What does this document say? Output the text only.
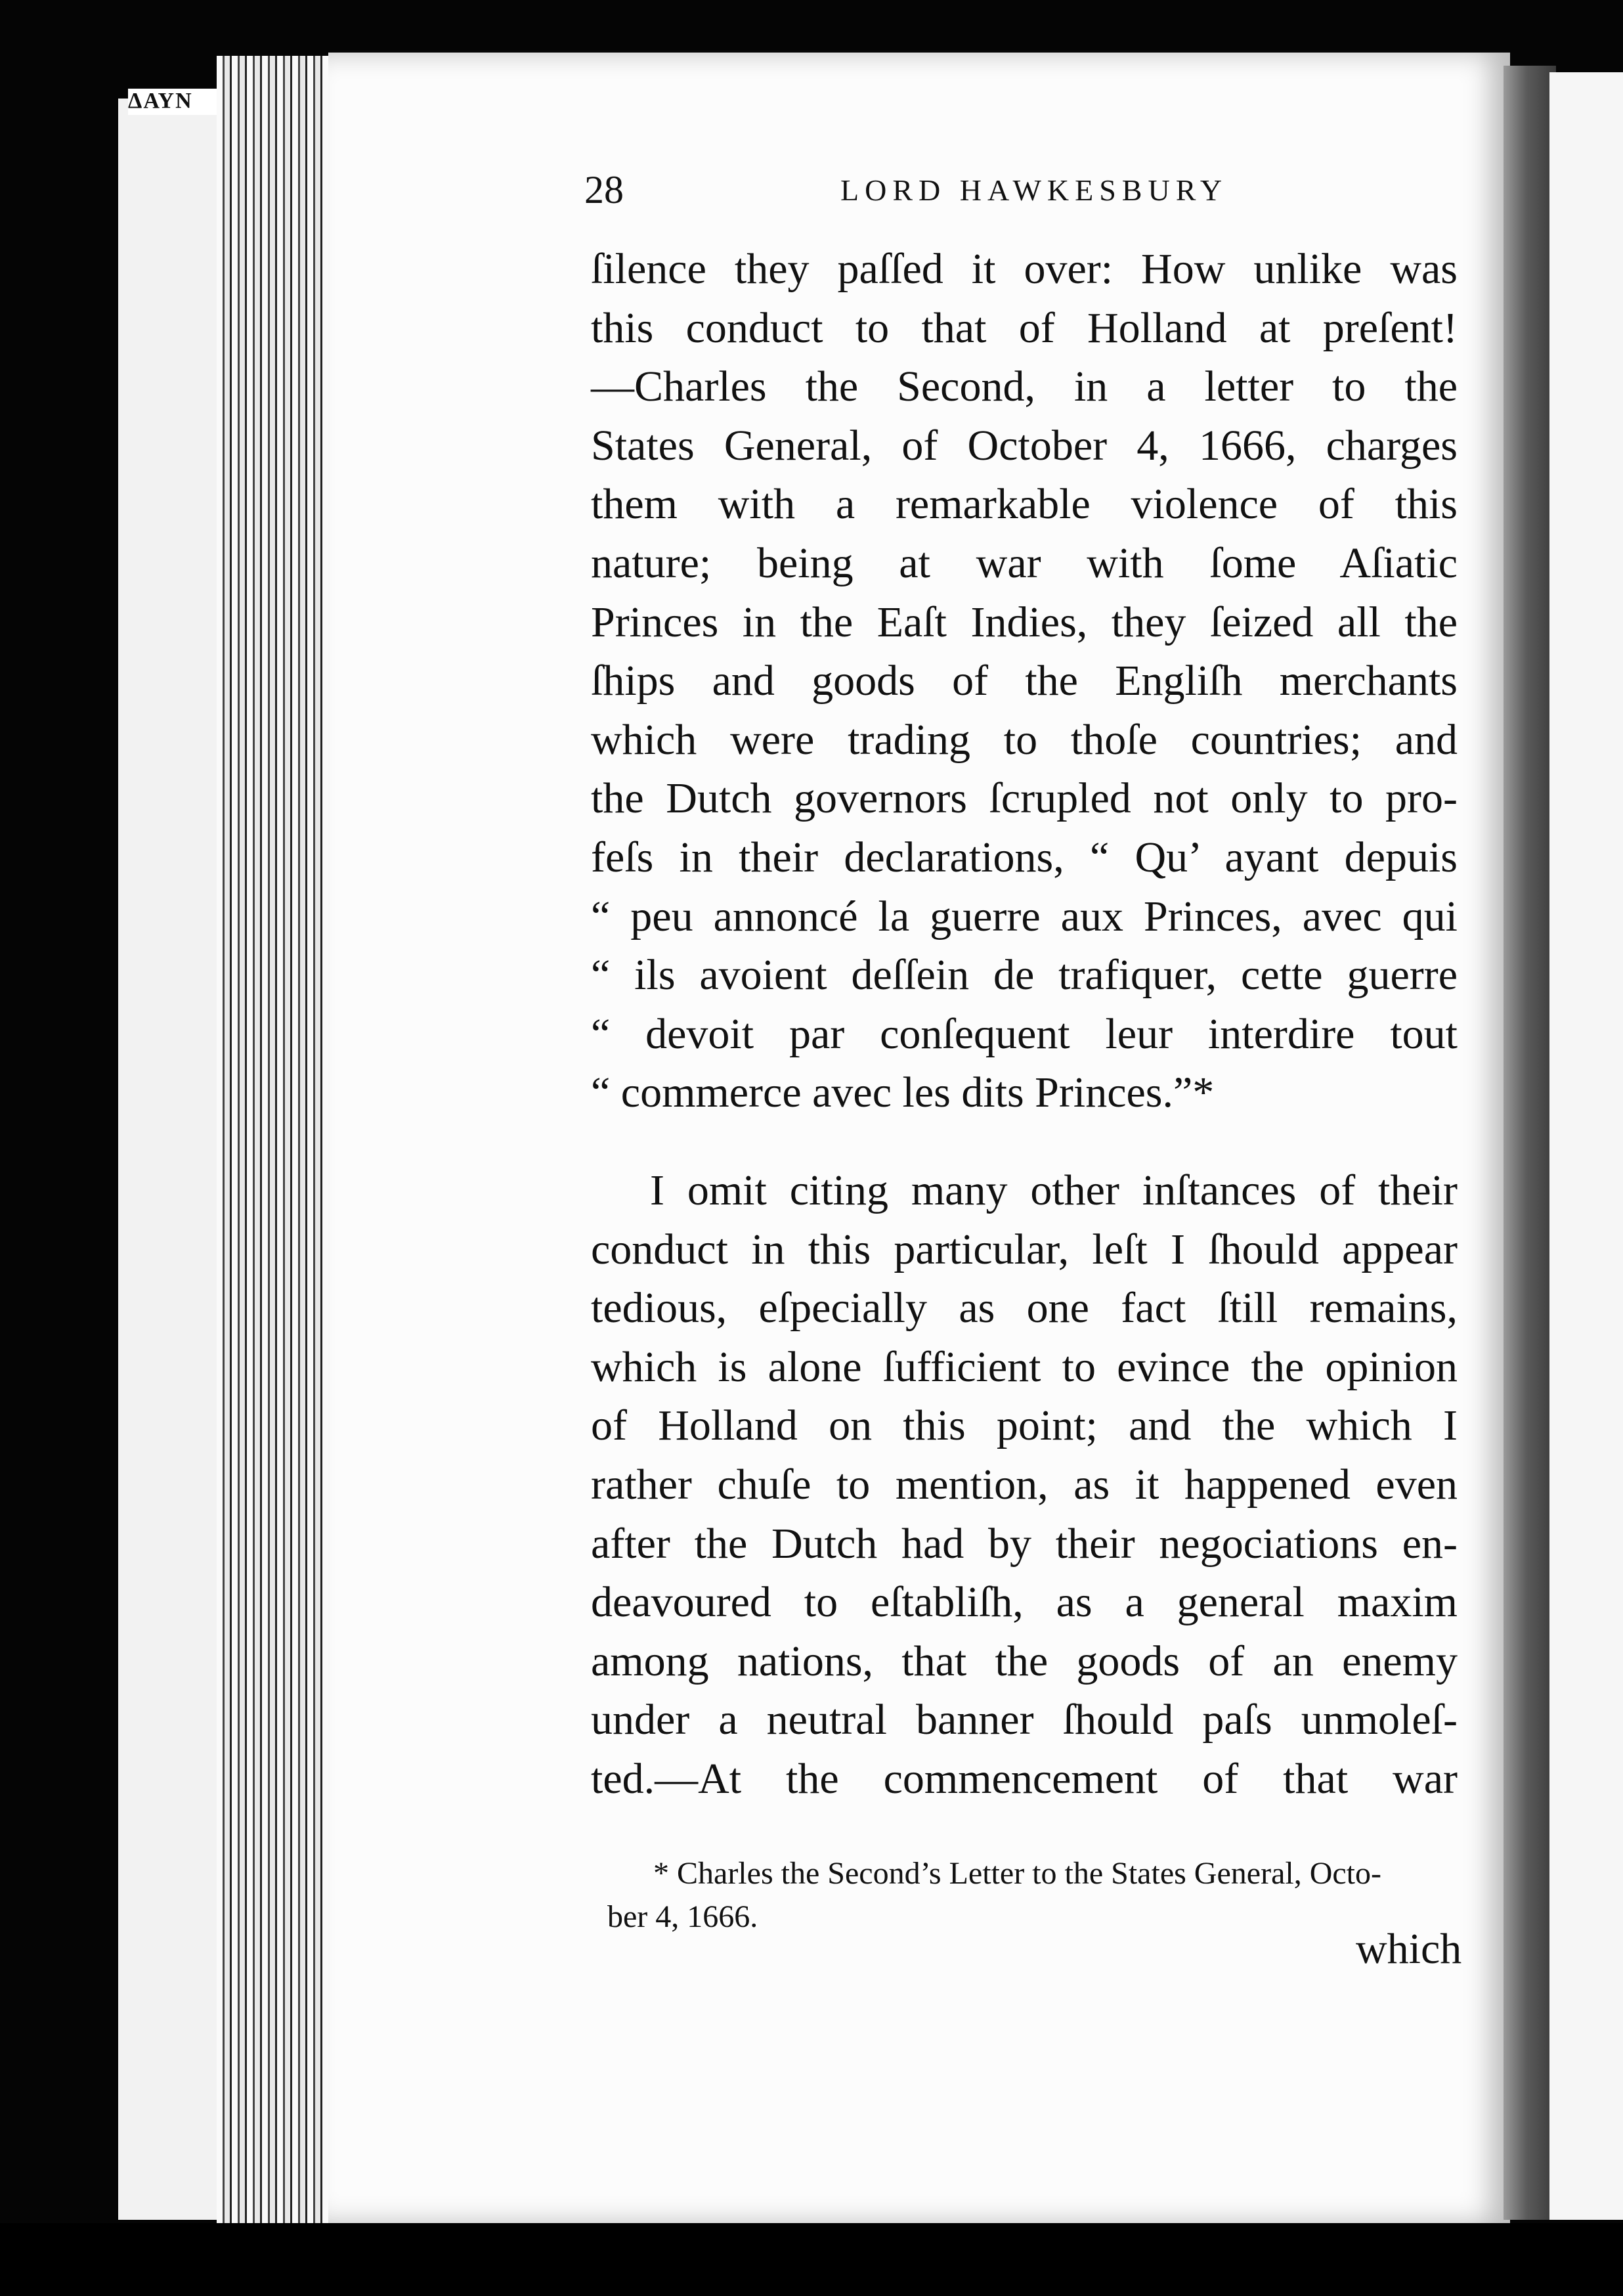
ΔΑΥΝ
28	LORD HAWKESBURY
ſilence they paſſed it over: How unlike was
this conduct to that of Holland at preſent!
—Charles the Second, in a letter to the
States General, of October 4, 1666, charges
them with a remarkable violence of this
nature; being at war with ſome Aſiatic
Princes in the Eaſt Indies, they ſeized all the
ſhips and goods of the Engliſh merchants
which were trading to thoſe countries; and
the Dutch governors ſcrupled not only to pro-
feſs in their declarations, “ Qu’ ayant depuis
“ peu annoncé la guerre aux Princes, avec qui
“ ils avoient deſſein de trafiquer, cette guerre
“ devoit par conſequent leur interdire tout
“ commerce avec les dits Princes.”*
I omit citing many other inſtances of their
conduct in this particular, leſt I ſhould appear
tedious, eſpecially as one fact ſtill remains,
which is alone ſufficient to evince the opinion
of Holland on this point; and the which I
rather chuſe to mention, as it happened even
after the Dutch had by their negociations en-
deavoured to eſtabliſh, as a general maxim
among nations, that the goods of an enemy
under a neutral banner ſhould paſs unmoleſ-
ted.—At the commencement of that war
* Charles the Second’s Letter to the States General, Octo-
ber 4, 1666.
which
